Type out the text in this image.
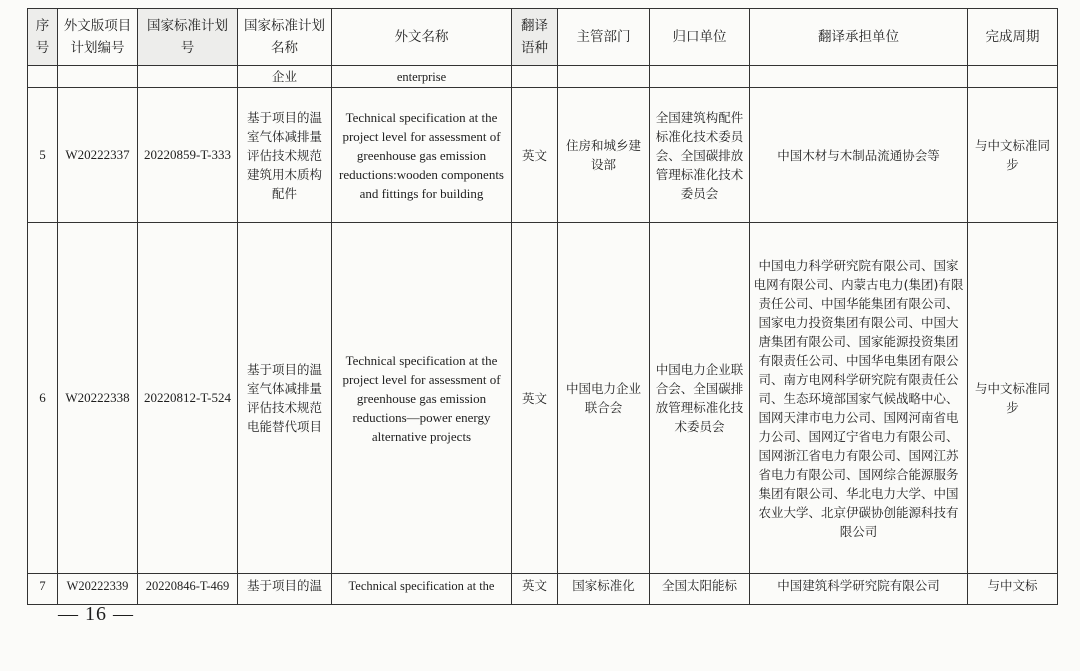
序号	外文版项目计划编号	国家标准计划号	国家标准计划名称	外文名称	翻译语种	主管部门	归口单位	翻译承担单位	完成周期
			企业	enterprise					
5	W20222337	20220859-T-333	基于项目的温室气体减排量评估技术规范建筑用木质构配件	Technical specification at the project level for assessment of greenhouse gas emission reductions:wooden components and fittings for building	英文	住房和城乡建设部	全国建筑构配件标准化技术委员会、全国碳排放管理标准化技术委员会	中国木材与木制品流通协会等	与中文标准同步
6	W20222338	20220812-T-524	基于项目的温室气体减排量评估技术规范电能替代项目	Technical specification at the project level for assessment of greenhouse gas emission reductions—power energy alternative projects	英文	中国电力企业联合会	中国电力企业联合会、全国碳排放管理标准化技术委员会	中国电力科学研究院有限公司、国家电网有限公司、内蒙古电力(集团)有限责任公司、中国华能集团有限公司、国家电力投资集团有限公司、中国大唐集团有限公司、国家能源投资集团有限责任公司、中国华电集团有限公司、南方电网科学研究院有限责任公司、生态环境部国家气候战略中心、国网天津市电力公司、国网河南省电力公司、国网辽宁省电力有限公司、国网浙江省电力有限公司、国网江苏省电力有限公司、国网综合能源服务集团有限公司、华北电力大学、中国农业大学、北京伊碳协创能源科技有限公司	与中文标准同步
7	W20222339	20220846-T-469	基于项目的温	Technical specification at the	英文	国家标准化	全国太阳能标	中国建筑科学研究院有限公司	与中文标
— 16 —
